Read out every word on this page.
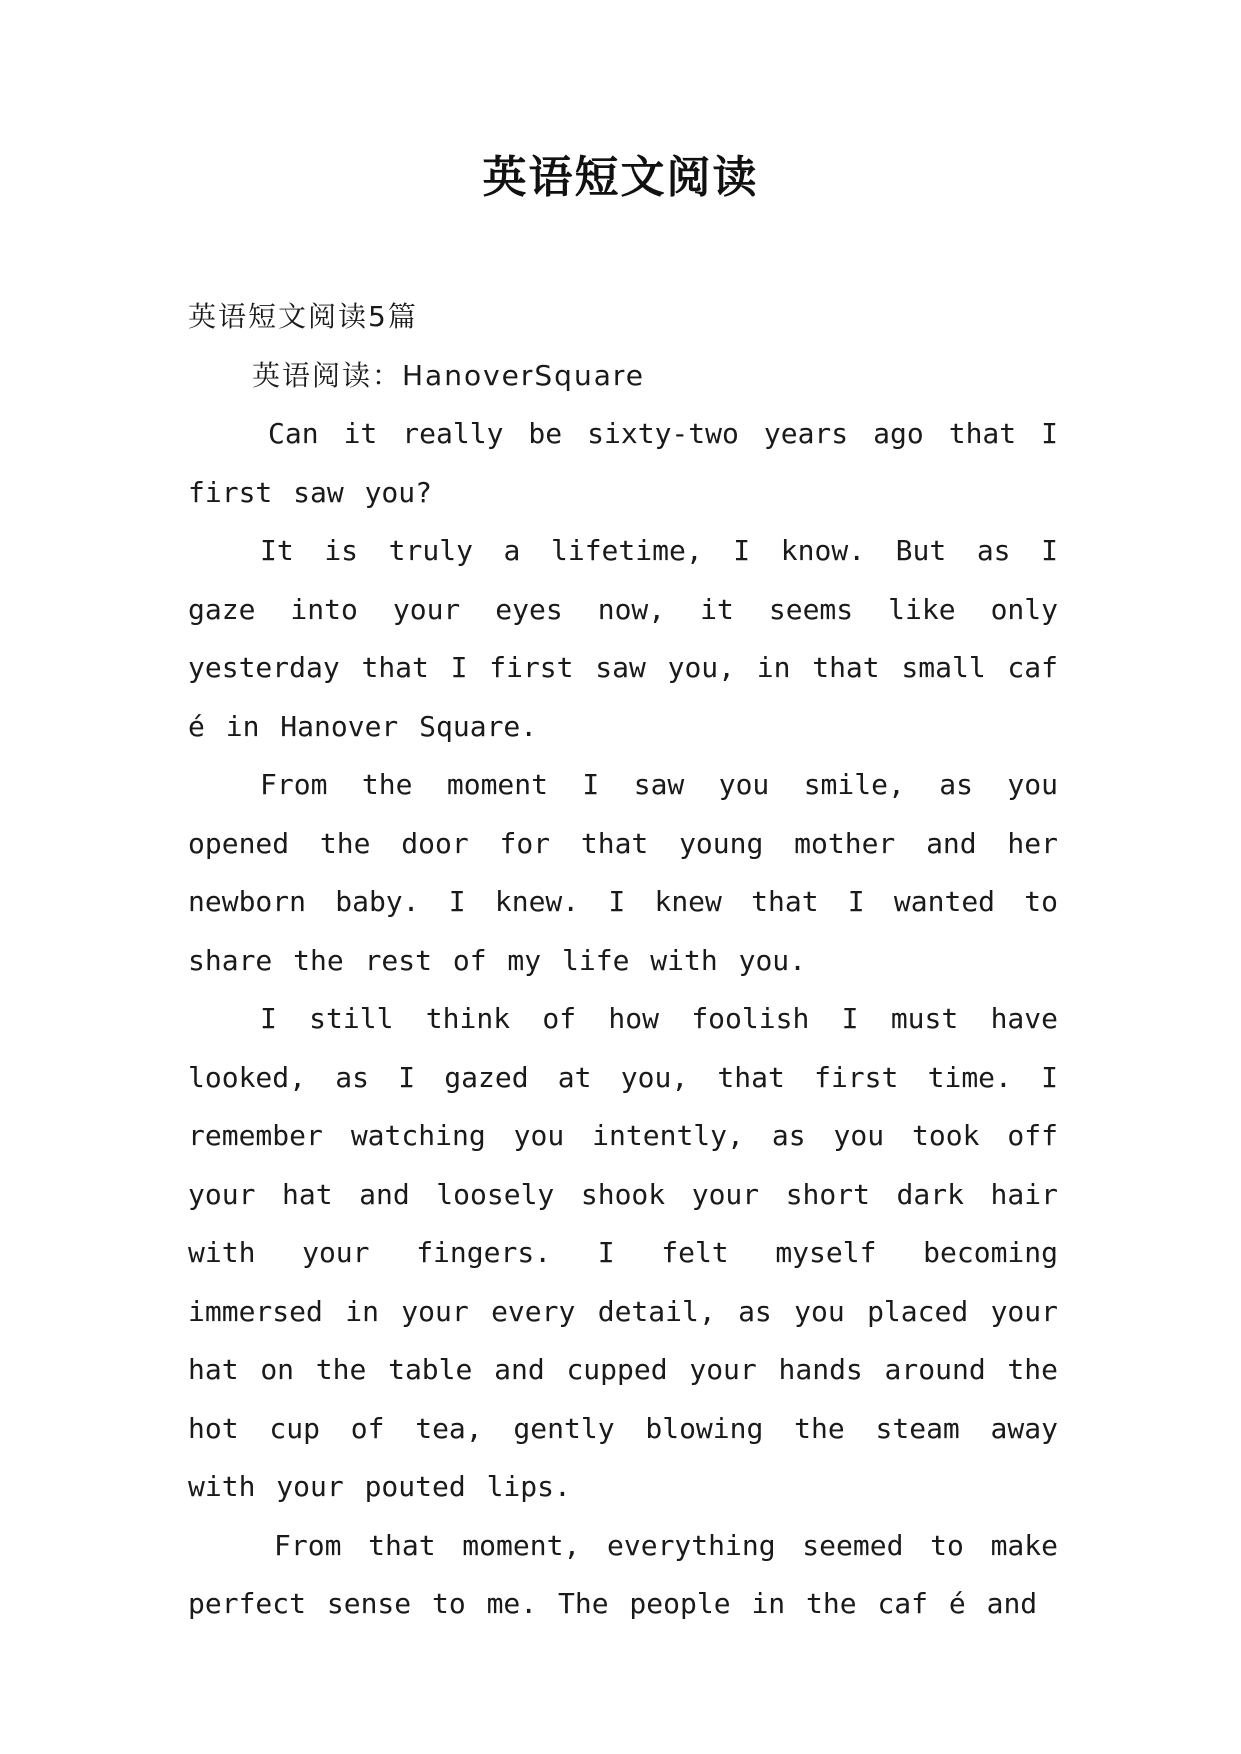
英语短文阅读

英语短文阅读5篇

英语阅读：HanoverSquare

Can it really be sixty-two years ago that I first saw you?

It is truly a lifetime, I know. But as I gaze into your eyes now, it seems like only yesterday that I first saw you, in that small caf é in Hanover Square.

From the moment I saw you smile, as you opened the door for that young mother and her newborn baby. I knew. I knew that I wanted to share the rest of my life with you.

I still think of how foolish I must have looked, as I gazed at you, that first time. I remember watching you intently, as you took off your hat and loosely shook your short dark hair with your fingers. I felt myself becoming immersed in your every detail, as you placed your hat on the table and cupped your hands around the hot cup of tea, gently blowing the steam away with your pouted lips.

From that moment, everything seemed to make perfect sense to me. The people in the caf é and
